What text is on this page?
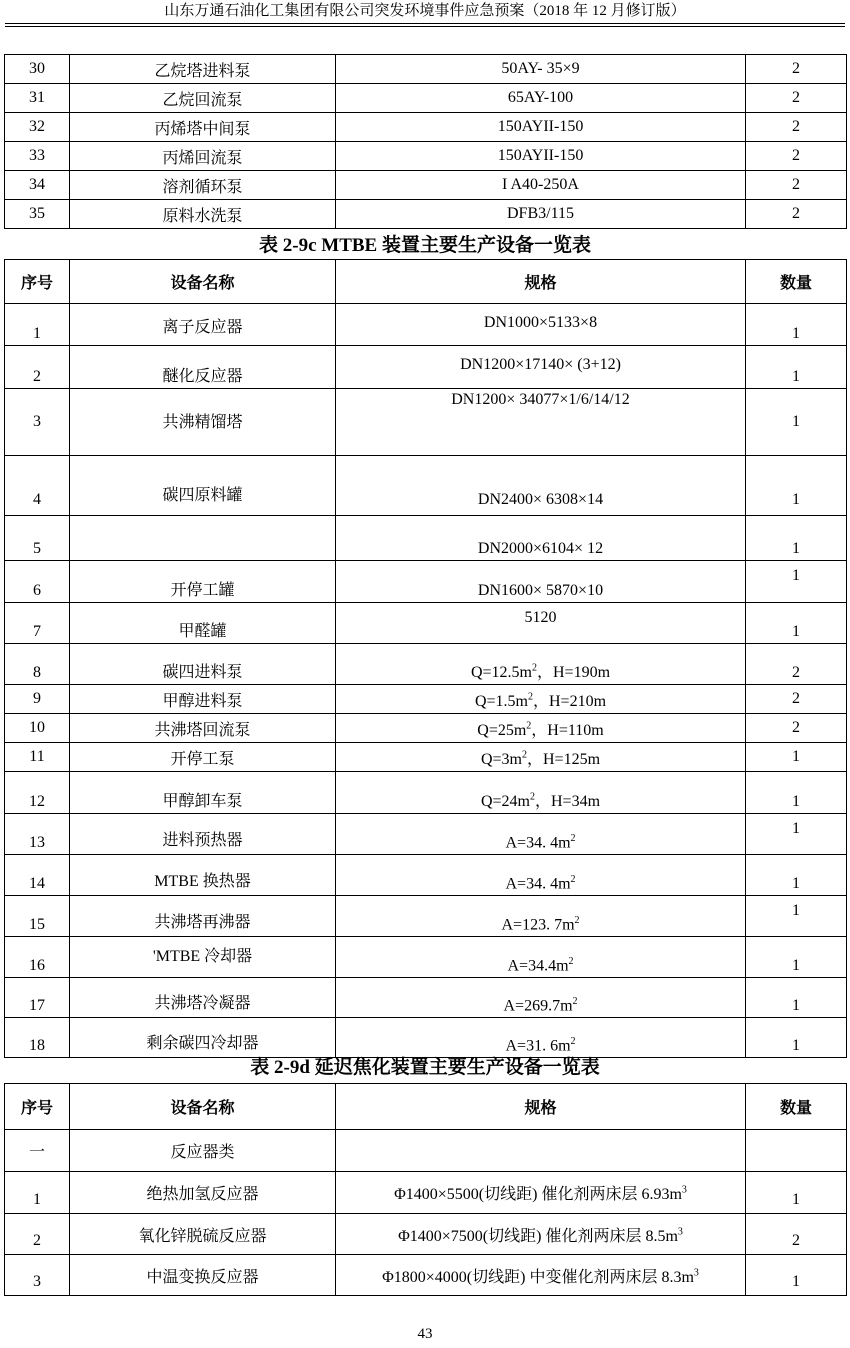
山东万通石油化工集团有限公司突发环境事件应急预案（2018 年 12 月修订版）
30	乙烷塔进料泵	50AY- 35×9	2
31	乙烷回流泵	65AY-100	2
32	丙烯塔中间泵	150AYII-150	2
33	丙烯回流泵	150AYII-150	2
34	溶剂循环泵	I A40-250A	2
35	原料水洗泵	DFB3/115	2
表 2-9c MTBE 装置主要生产设备一览表
序号	设备名称	规格	数量
1	离子反应器	DN1000×5133×8	1
2	醚化反应器	DN1200×17140× (3+12)	1
3	共沸精馏塔	DN1200× 34077×1/6/14/12	1
4	碳四原料罐	DN2400× 6308×14	1
5		DN2000×6104× 12	1
6	开停工罐	DN1600× 5870×10	1
7	甲醛罐	5120	1
8	碳四进料泵	$Q=12.5m^2$，H=190m	2
9	甲醇进料泵	$Q=1.5m^2$，H=210m	2
10	共沸塔回流泵	$Q=25m^2$，H=110m	2
11	开停工泵	$Q=3m^2$，H=125m	1
12	甲醇卸车泵	$Q=24m^2$，H=34m	1
13	进料预热器	A=34. $4m^2$	1
14	MTBE 换热器	A=34. $4m^2$	1
15	共沸塔再沸器	A=123. $7m^2$	1
16	'MTBE 冷却器	$A=34.4m^2$	1
17	共沸塔冷凝器	$A=269.7m^2$	1
18	剩余碳四冷却器	A=31. $6m^2$	1
表 2-9d 延迟焦化装置主要生产设备一览表
序号	设备名称	规格	数量
一	反应器类		
1	绝热加氢反应器	Φ1400×5500(切线距) 催化剂两床层 $6.93m^3$	1
2	氧化锌脱硫反应器	Φ1400×7500(切线距) 催化剂两床层 $8.5m^3$	2
3	中温变换反应器	Φ1800×4000(切线距) 中变催化剂两床层 $8.3m^3$	1
43
